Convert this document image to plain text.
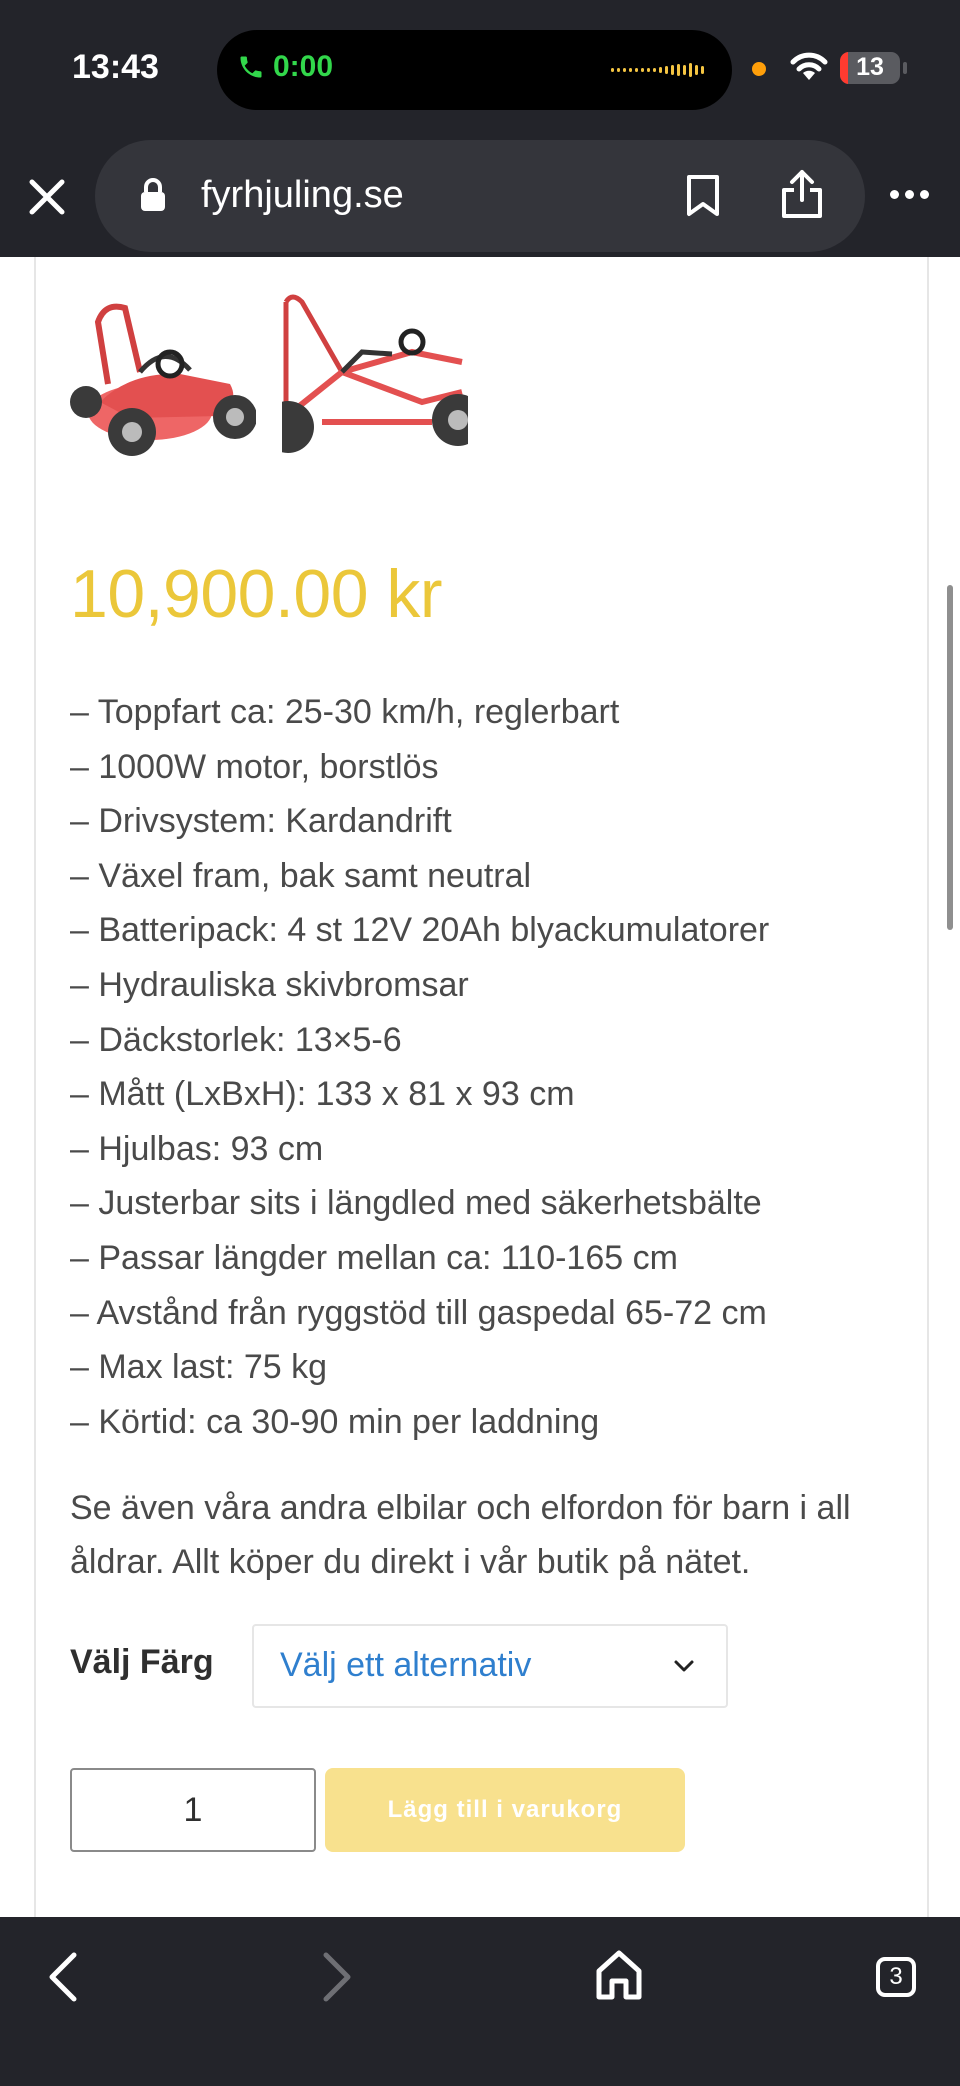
13:43	0:00	13
fyrhjuling.se
10,900.00 kr
– Toppfart ca: 25-30 km/h, reglerbart
– 1000W motor, borstlös
– Drivsystem: Kardandrift
– Växel fram, bak samt neutral
– Batteripack: 4 st 12V 20Ah blyackumulatorer
– Hydrauliska skivbromsar
– Däckstorlek: 13×5-6
– Mått (LxBxH): 133 x 81 x 93 cm
– Hjulbas: 93 cm
– Justerbar sits i längdled med säkerhetsbälte
– Passar längder mellan ca: 110-165 cm
– Avstånd från ryggstöd till gaspedal 65-72 cm
– Max last: 75 kg
– Körtid: ca 30-90 min per laddning
Se även våra andra elbilar och elfordon för barn i all åldrar. Allt köper du direkt i vår butik på nätet.
Välj Färg Välj ett alternativ
1	Lägg till i varukorg
3
